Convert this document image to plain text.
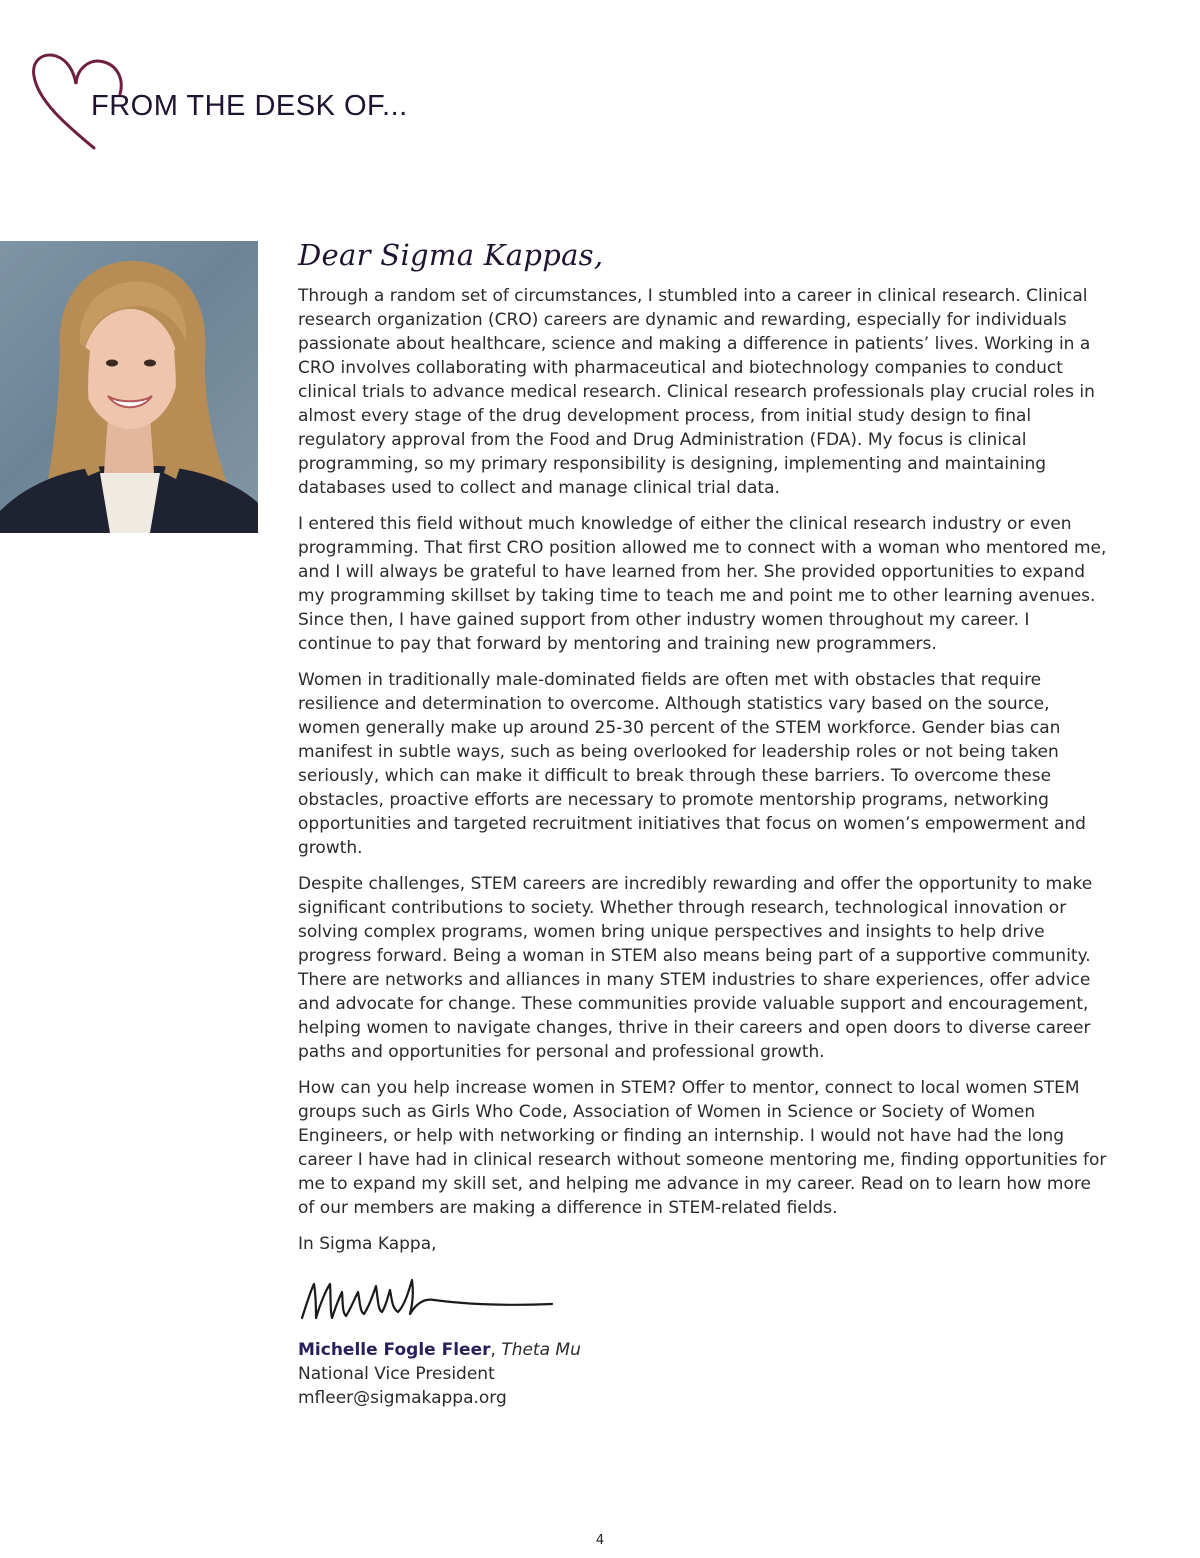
FROM THE DESK OF...
Dear Sigma Kappas,

Through a random set of circumstances, I stumbled into a career in clinical research. Clinical research organization (CRO) careers are dynamic and rewarding, especially for individuals passionate about healthcare, science and making a difference in patients’ lives. Working in a CRO involves collaborating with pharmaceutical and biotechnology companies to conduct clinical trials to advance medical research. Clinical research professionals play crucial roles in almost every stage of the drug development process, from initial study design to final regulatory approval from the Food and Drug Administration (FDA). My focus is clinical programming, so my primary responsibility is designing, implementing and maintaining databases used to collect and manage clinical trial data.

I entered this field without much knowledge of either the clinical research industry or even programming. That first CRO position allowed me to connect with a woman who mentored me, and I will always be grateful to have learned from her. She provided opportunities to expand my programming skillset by taking time to teach me and point me to other learning avenues. Since then, I have gained support from other industry women throughout my career. I continue to pay that forward by mentoring and training new programmers.

Women in traditionally male-dominated fields are often met with obstacles that require resilience and determination to overcome. Although statistics vary based on the source, women generally make up around 25-30 percent of the STEM workforce. Gender bias can manifest in subtle ways, such as being overlooked for leadership roles or not being taken seriously, which can make it difficult to break through these barriers. To overcome these obstacles, proactive efforts are necessary to promote mentorship programs, networking opportunities and targeted recruitment initiatives that focus on women’s empowerment and growth.

Despite challenges, STEM careers are incredibly rewarding and offer the opportunity to make significant contributions to society. Whether through research, technological innovation or solving complex programs, women bring unique perspectives and insights to help drive progress forward. Being a woman in STEM also means being part of a supportive community. There are networks and alliances in many STEM industries to share experiences, offer advice and advocate for change. These communities provide valuable support and encouragement, helping women to navigate changes, thrive in their careers and open doors to diverse career paths and opportunities for personal and professional growth.

How can you help increase women in STEM? Offer to mentor, connect to local women STEM groups such as Girls Who Code, Association of Women in Science or Society of Women Engineers, or help with networking or finding an internship. I would not have had the long career I have had in clinical research without someone mentoring me, finding opportunities for me to expand my skill set, and helping me advance in my career. Read on to learn how more of our members are making a difference in STEM-related fields.

In Sigma Kappa,

Michelle Fogle Fleer, Theta Mu

National Vice President

mfleer@sigmakappa.org

4
